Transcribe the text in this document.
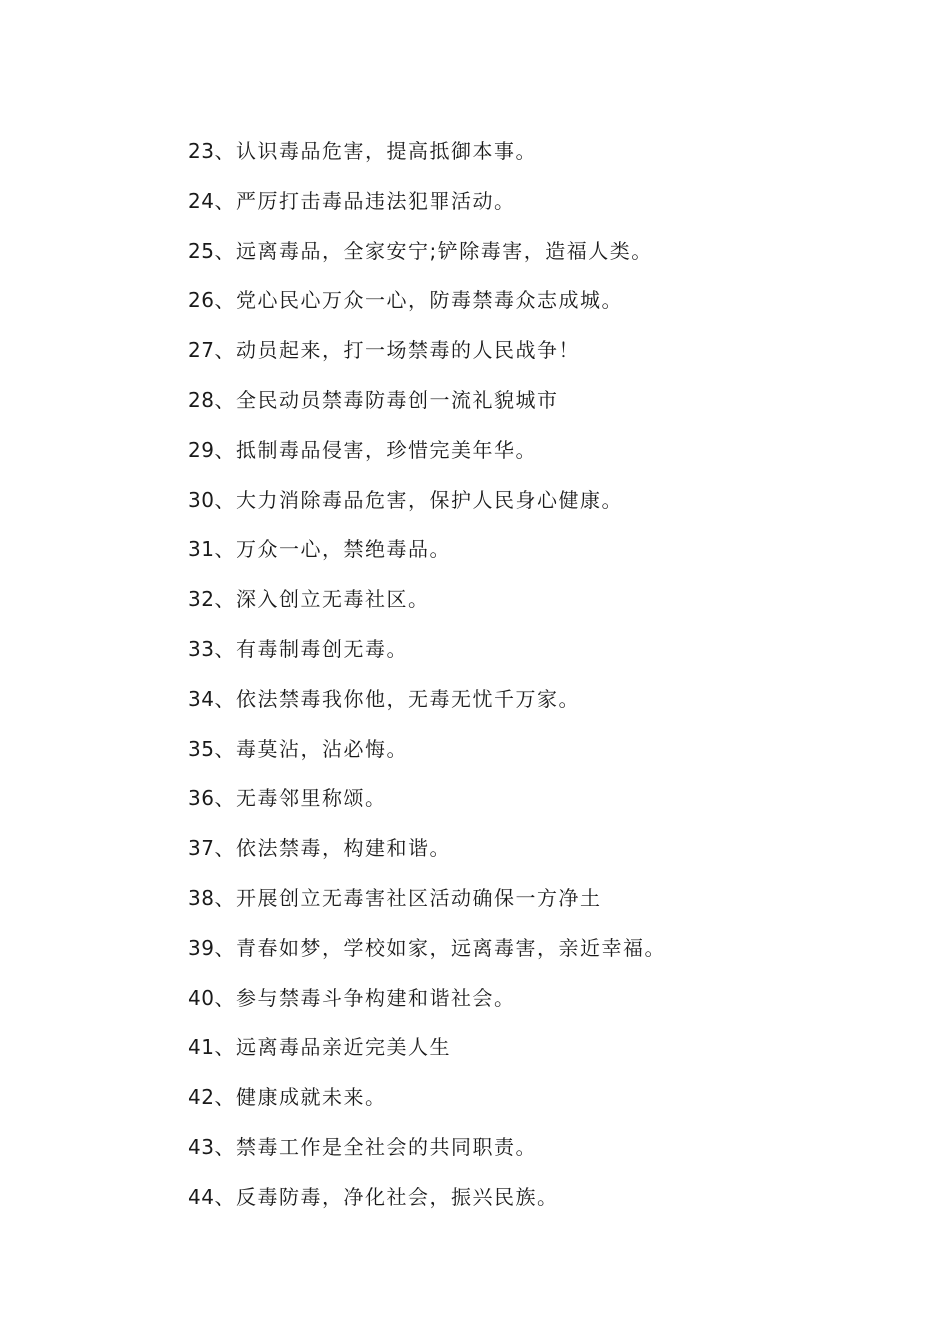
23、认识毒品危害，提高抵御本事。
24、严厉打击毒品违法犯罪活动。
25、远离毒品，全家安宁;铲除毒害，造福人类。
26、党心民心万众一心，防毒禁毒众志成城。
27、动员起来，打一场禁毒的人民战争！
28、全民动员禁毒防毒创一流礼貌城市
29、抵制毒品侵害，珍惜完美年华。
30、大力消除毒品危害，保护人民身心健康。
31、万众一心，禁绝毒品。
32、深入创立无毒社区。
33、有毒制毒创无毒。
34、依法禁毒我你他，无毒无忧千万家。
35、毒莫沾，沾必悔。
36、无毒邻里称颂。
37、依法禁毒，构建和谐。
38、开展创立无毒害社区活动确保一方净土
39、青春如梦，学校如家，远离毒害，亲近幸福。
40、参与禁毒斗争构建和谐社会。
41、远离毒品亲近完美人生
42、健康成就未来。
43、禁毒工作是全社会的共同职责。
44、反毒防毒，净化社会，振兴民族。
